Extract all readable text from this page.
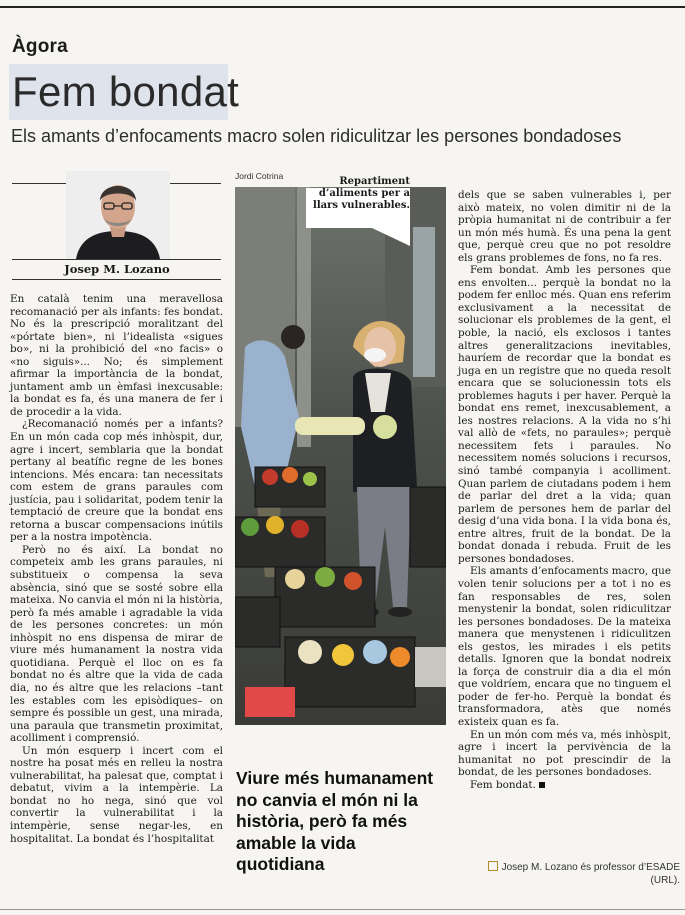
Àgora
Fem bondat
Els amants d’enfocaments macro solen ridiculitzar les persones bondadoses
Josep M. Lozano

En català tenim una meravellosa recomanació per als infants: fes bondat. No és la prescripció moralitzant del «pórtate bien», ni l’idealista «sigues bo», ni la prohibició del «no facis» o «no siguis»... No; és simplement afirmar la importància de la bondat, juntament amb un èmfasi inexcusable: la bondat es fa, és una manera de fer i de procedir a la vida.

¿Recomanació només per a infants? En un món cada cop més inhòspit, dur, agre i incert, semblaria que la bondat pertany al beatífic regne de les bones intencions. Més encara: tan necessitats com estem de grans paraules com justícia, pau i solidaritat, podem tenir la temptació de creure que la bondat ens retorna a buscar compensacions inútils per a la nostra impotència.

Però no és així. La bondat no competeix amb les grans paraules, ni substitueix o compensa la seva absència, sinó que se sosté sobre ella mateixa. No canvia el món ni la història, però fa més amable i agradable la vida de les persones concretes: un món inhòspit no ens dispensa de mirar de viure més humanament la nostra vida quotidiana. Perquè el lloc on es fa bondat no és altre que la vida de cada dia, no és altre que les relacions –tant les estables com les episòdiques– on sempre és possible un gest, una mirada, una paraula que transmetin proximitat, acolliment i comprensió.

Un món esquerp i incert com el nostre ha posat més en relleu la nostra vulnerabilitat, ha palesat que, comptat i debatut, vivim a la intempèrie. La bondat no ho nega, sinó que vol convertir la vulnerabilitat i la intempèrie, sense negar-les, en hospitalitat. La bondat és l’hospitalitat

Jordi Cotrina	Repartiment d’aliments per a llars vulnerables.
Viure més humanament no canvia el món ni la història, però fa més amable la vida quotidiana

dels que se saben vulnerables i, per això mateix, no volen dimitir ni de la pròpia humanitat ni de contribuir a fer un món més humà. És una pena la gent que, perquè creu que no pot resoldre els grans problemes de fons, no fa res.

Fem bondat. Amb les persones que ens envolten... perquè la bondat no la podem fer enlloc més. Quan ens referim exclusivament a la necessitat de solucionar els problemes de la gent, el poble, la nació, els exclosos i tantes altres generalitzacions inevitables, hauríem de recordar que la bondat es juga en un registre que no queda resolt encara que se solucionessin tots els problemes haguts i per haver. Perquè la bondat ens remet, inexcusablement, a les nostres relacions. A la vida no s’hi val allò de «fets, no paraules»; perquè necessitem fets i paraules. No necessitem només solucions i recursos, sinó també companyia i acolliment. Quan parlem de ciutadans podem i hem de parlar del dret a la vida; quan parlem de persones hem de parlar del desig d’una vida bona. I la vida bona és, entre altres, fruit de la bondat. De la bondat donada i rebuda. Fruit de les persones bondadoses.

Els amants d’enfocaments macro, que volen tenir solucions per a tot i no es fan responsables de res, solen menystenir la bondat, solen ridiculitzar les persones bondadoses. De la mateixa manera que menystenen i ridiculitzen els gestos, les mirades i els petits detalls. Ignoren que la bondat nodreix la força de construir dia a dia el món que voldríem, encara que no tinguem el poder de fer-ho. Perquè la bondat és transformadora, atès que només existeix quan es fa.

En un món com més va, més inhòspit, agre i incert la pervivència de la humanitat no pot prescindir de la bondat, de les persones bondadoses.

Fem bondat.

Josep M. Lozano és professor d’ESADE (URL).
